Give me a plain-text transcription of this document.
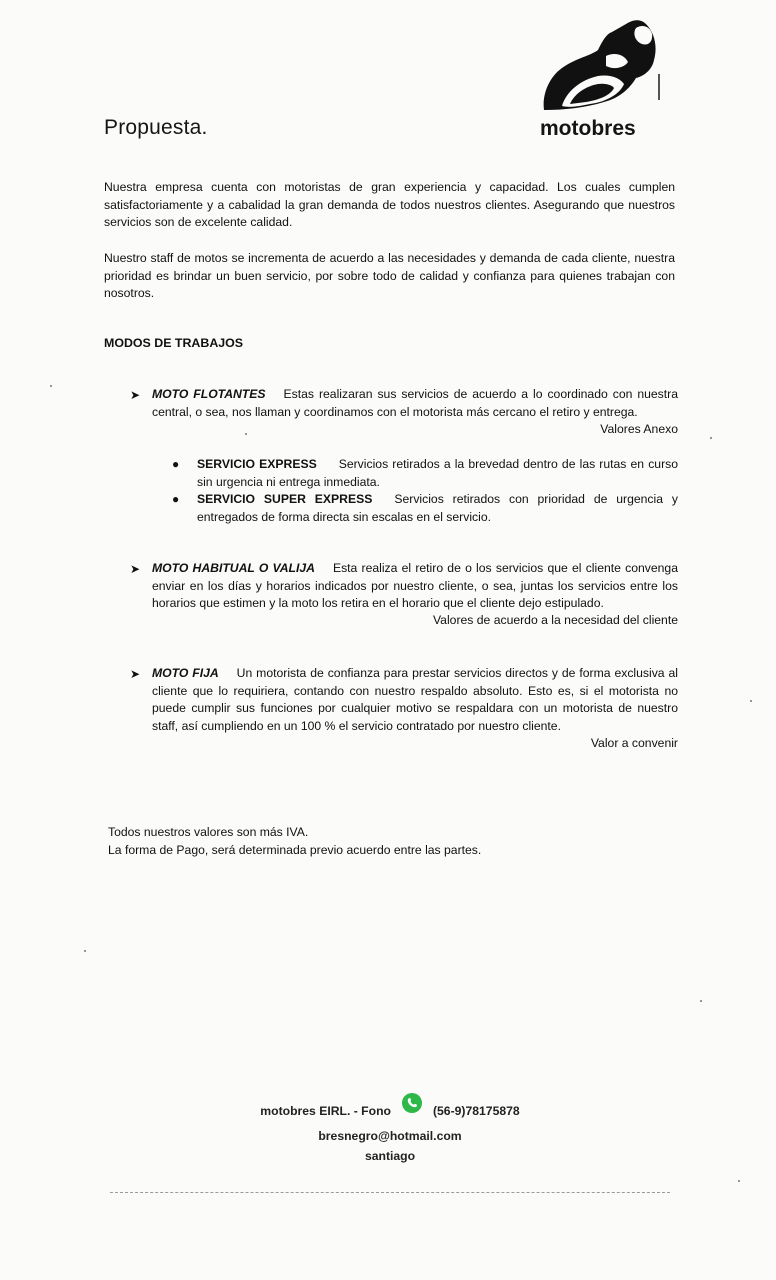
Propuesta.	motobres
Nuestra empresa cuenta con motoristas de gran experiencia y capacidad. Los cuales cumplen satisfactoriamente y a cabalidad la gran demanda de todos nuestros clientes. Asegurando que nuestros servicios son de excelente calidad.
Nuestro staff de motos se incrementa de acuerdo a las necesidades y demanda de cada cliente, nuestra prioridad es brindar un buen servicio, por sobre todo de calidad y confianza para quienes trabajan con nosotros.
MODOS DE TRABAJOS
➤ MOTO FLOTANTES Estas realizaran sus servicios de acuerdo a lo coordinado con nuestra central, o sea, nos llaman y coordinamos con el motorista más cercano el retiro y entrega.
Valores Anexo
● SERVICIO EXPRESS Servicios retirados a la brevedad dentro de las rutas en curso sin urgencia ni entrega inmediata.
● SERVICIO SUPER EXPRESS Servicios retirados con prioridad de urgencia y entregados de forma directa sin escalas en el servicio.
➤ MOTO HABITUAL O VALIJA Esta realiza el retiro de o los servicios que el cliente convenga enviar en los días y horarios indicados por nuestro cliente, o sea, juntas los servicios entre los horarios que estimen y la moto los retira en el horario que el cliente dejo estipulado.
Valores de acuerdo a la necesidad del cliente
➤ MOTO FIJA Un motorista de confianza para prestar servicios directos y de forma exclusiva al cliente que lo requiriera, contando con nuestro respaldo absoluto. Esto es, si el motorista no puede cumplir sus funciones por cualquier motivo se respaldara con un motorista de nuestro staff, así cumpliendo en un 100 % el servicio contratado por nuestro cliente.
Valor a convenir
Todos nuestros valores son más IVA.
La forma de Pago, será determinada previo acuerdo entre las partes.
motobres EIRL. - Fono	(56-9)78175878
bresnegro@hotmail.com
santiago
